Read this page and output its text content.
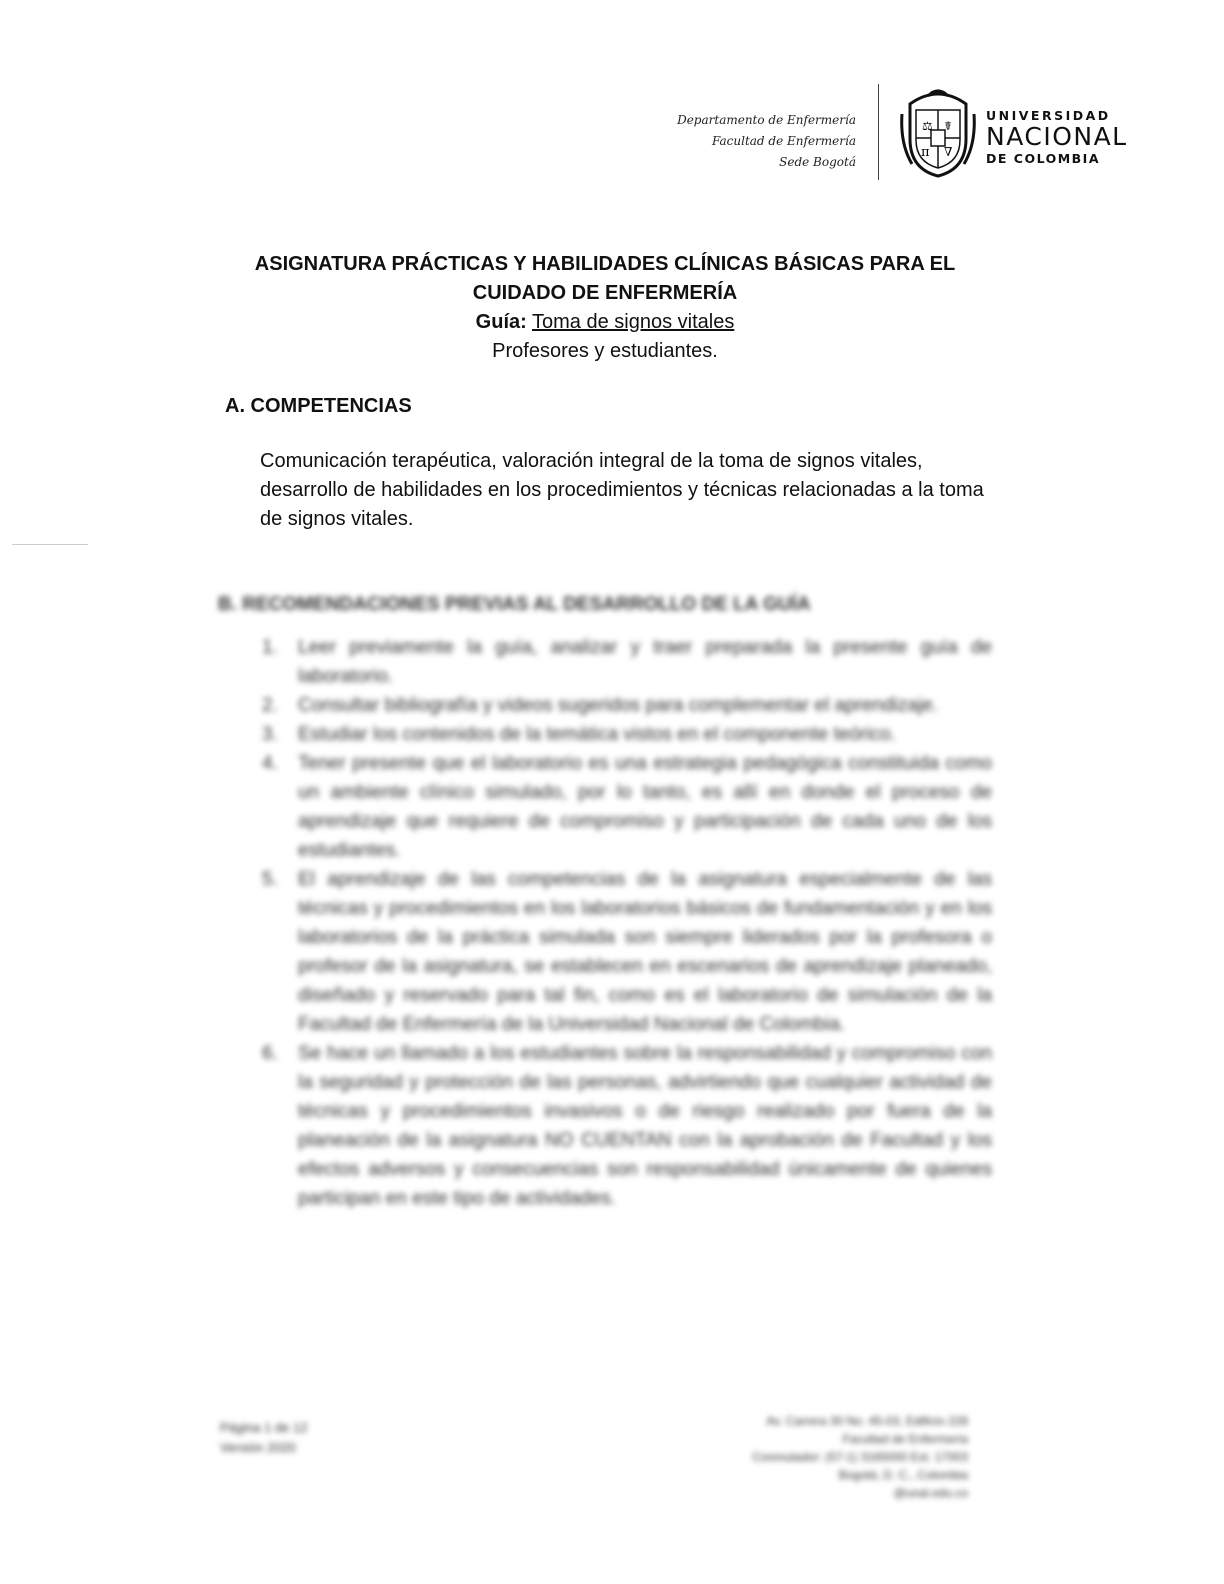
Departamento de Enfermería
Facultad de Enfermería
Sede Bogotá
⚖ ☤
π ∇
UNIVERSIDAD
NACIONAL
DE COLOMBIA
ASIGNATURA PRÁCTICAS Y HABILIDADES CLÍNICAS BÁSICAS PARA EL
CUIDADO DE ENFERMERÍA
Guía: Toma de signos vitales
Profesores y estudiantes.
A. COMPETENCIAS
Comunicación terapéutica, valoración integral de la toma de signos vitales, desarrollo de habilidades en los procedimientos y técnicas relacionadas a la toma de signos vitales.
B. RECOMENDACIONES PREVIAS AL DESARROLLO DE LA GUÍA
1.	Leer previamente la guía, analizar y traer preparada la presente guía de laboratorio.
2.	Consultar bibliografía y videos sugeridos para complementar el aprendizaje.
3.	Estudiar los contenidos de la temática vistos en el componente teórico.
4.	Tener presente que el laboratorio es una estrategia pedagógica constituida como un ambiente clínico simulado, por lo tanto, es allí en donde el proceso de aprendizaje que requiere de compromiso y participación de cada uno de los estudiantes.
5.	El aprendizaje de las competencias de la asignatura especialmente de las técnicas y procedimientos en los laboratorios básicos de fundamentación y en los laboratorios de la práctica simulada son siempre liderados por la profesora o profesor de la asignatura, se establecen en escenarios de aprendizaje planeado, diseñado y reservado para tal fin, como es el laboratorio de simulación de la Facultad de Enfermería de la Universidad Nacional de Colombia.
6.	Se hace un llamado a los estudiantes sobre la responsabilidad y compromiso con la seguridad y protección de las personas, advirtiendo que cualquier actividad de técnicas y procedimientos invasivos o de riesgo realizado por fuera de la planeación de la asignatura NO CUENTAN con la aprobación de Facultad y los efectos adversos y consecuencias son responsabilidad únicamente de quienes participan en este tipo de actividades.
Página 1 de 12
Versión 2020
Av. Carrera 30 No. 45-03, Edificio 228
Facultad de Enfermería
Conmutador: (57-1) 3165000 Ext. 17003
Bogotá, D. C., Colombia
@unal.edu.co
